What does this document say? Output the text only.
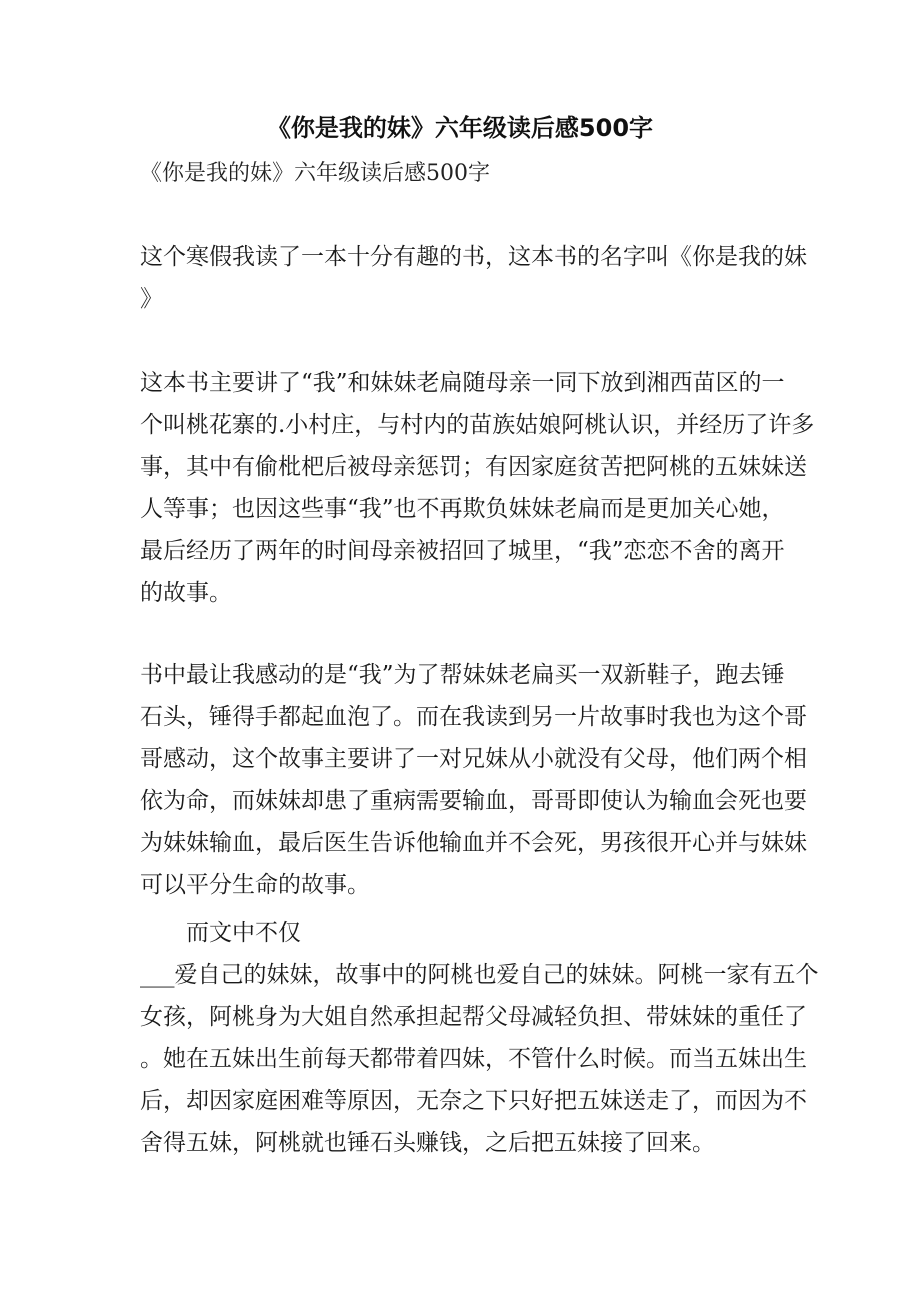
《你是我的妹》六年级读后感500字
《你是我的妹》六年级读后感500字
这个寒假我读了一本十分有趣的书，这本书的名字叫《你是我的妹
》
这本书主要讲了“我”和妹妹老扁随母亲一同下放到湘西苗区的一
个叫桃花寨的.小村庄，与村内的苗族姑娘阿桃认识，并经历了许多
事，其中有偷枇杷后被母亲惩罚；有因家庭贫苦把阿桃的五妹妹送
人等事；也因这些事“我”也不再欺负妹妹老扁而是更加关心她，
最后经历了两年的时间母亲被招回了城里，“我”恋恋不舍的离开
的故事。
书中最让我感动的是“我”为了帮妹妹老扁买一双新鞋子，跑去锤
石头，锤得手都起血泡了。而在我读到另一片故事时我也为这个哥
哥感动，这个故事主要讲了一对兄妹从小就没有父母，他们两个相
依为命，而妹妹却患了重病需要输血，哥哥即使认为输血会死也要
为妹妹输血，最后医生告诉他输血并不会死，男孩很开心并与妹妹
可以平分生命的故事。
而文中不仅
___爱自己的妹妹，故事中的阿桃也爱自己的妹妹。阿桃一家有五个
女孩，阿桃身为大姐自然承担起帮父母减轻负担、带妹妹的重任了
。她在五妹出生前每天都带着四妹，不管什么时候。而当五妹出生
后，却因家庭困难等原因，无奈之下只好把五妹送走了，而因为不
舍得五妹，阿桃就也锤石头赚钱，之后把五妹接了回来。
